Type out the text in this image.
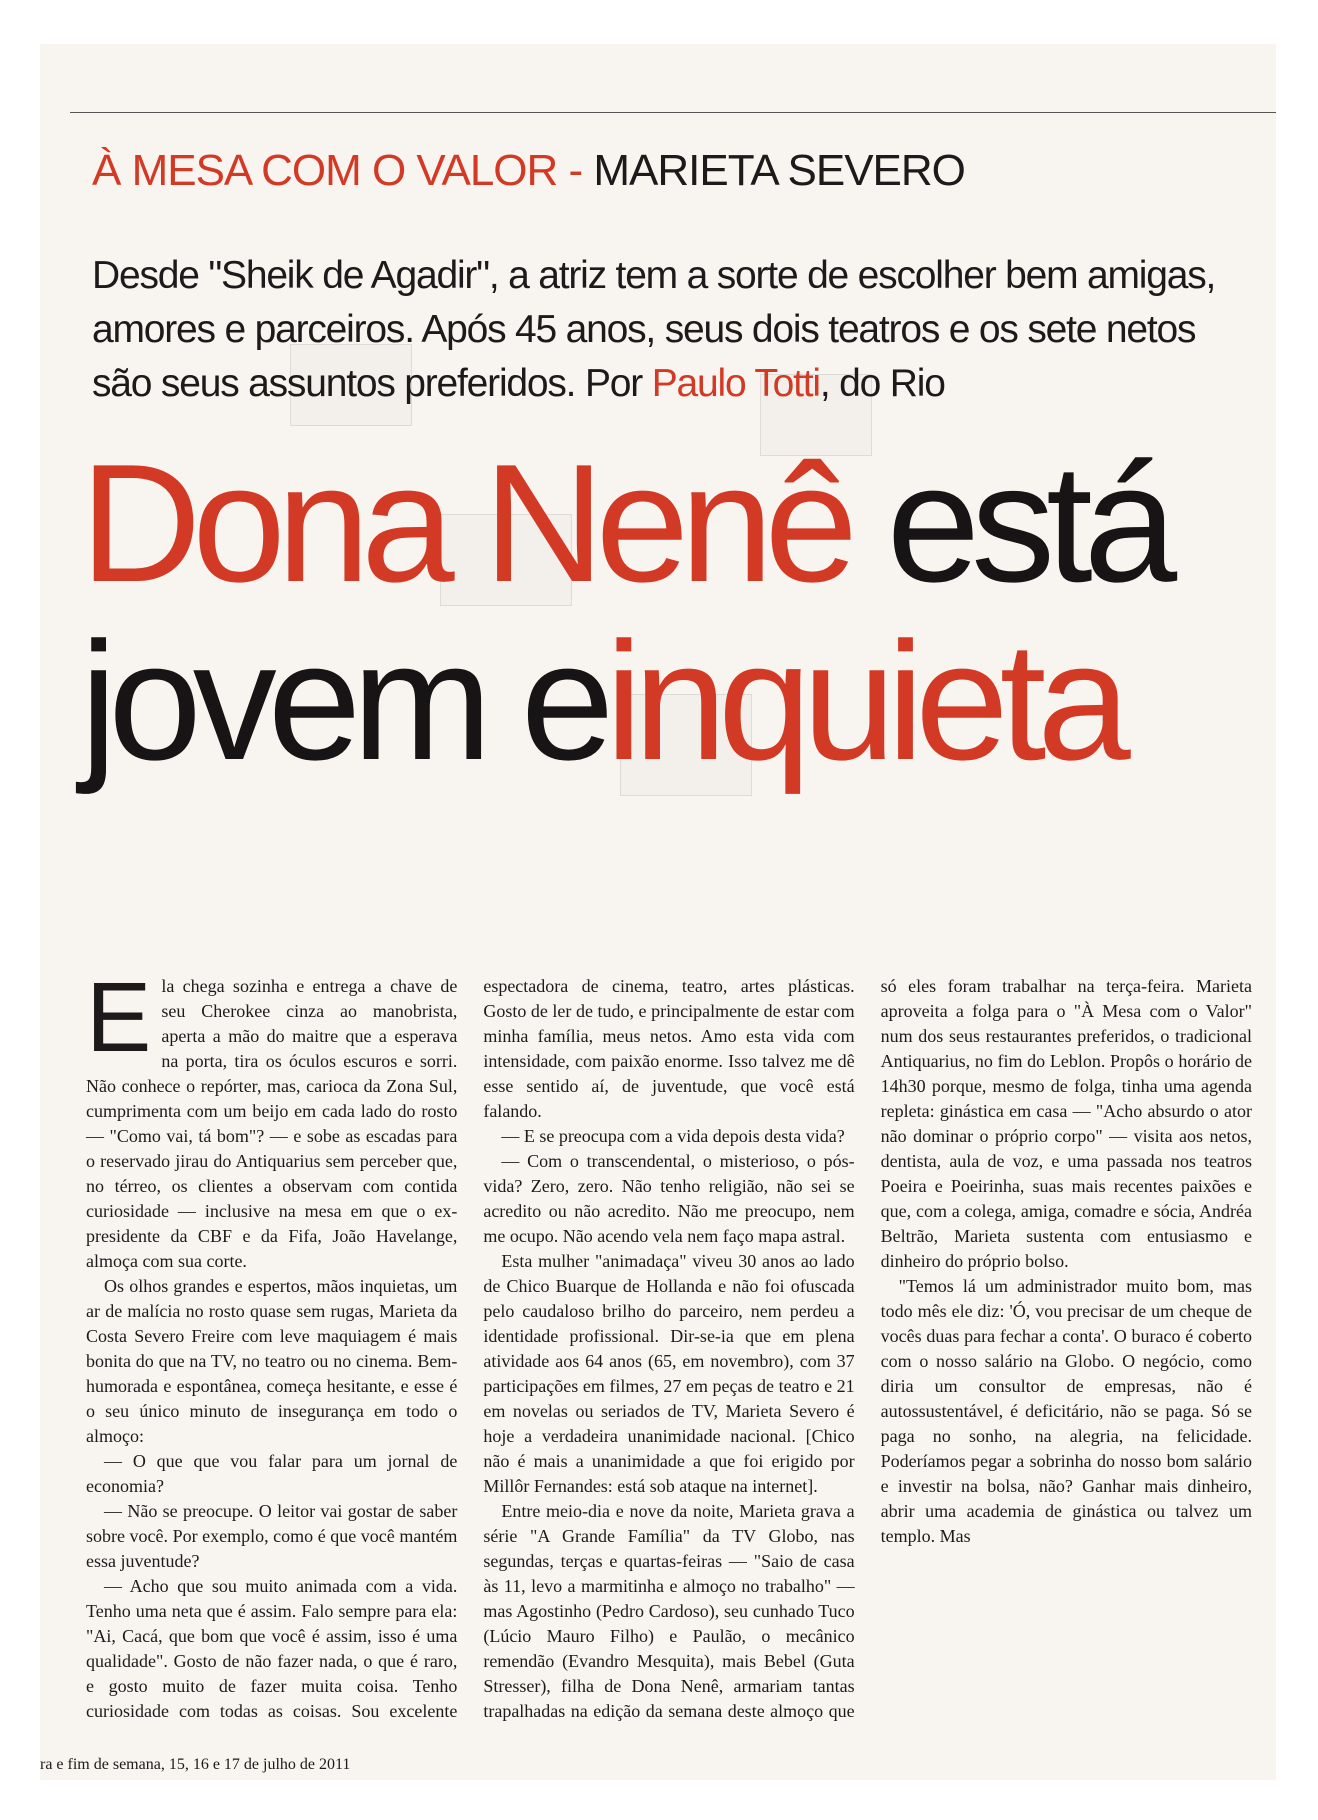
À MESA COM O VALOR - MARIETA SEVERO
Desde "Sheik de Agadir", a atriz tem a sorte de escolher bem amigas, amores e parceiros. Após 45 anos, seus dois teatros e os sete netos são seus assuntos preferidos. Por Paulo Totti, do Rio
Dona Nenê está
jovem einquieta

Ela chega sozinha e entrega a chave de seu Cherokee cinza ao manobrista, aperta a mão do maitre que a esperava na porta, tira os óculos escuros e sorri. Não conhece o repórter, mas, carioca da Zona Sul, cumprimenta com um beijo em cada lado do rosto — "Como vai, tá bom"? — e sobe as escadas para o reservado jirau do Antiquarius sem perceber que, no térreo, os clientes a observam com contida curiosidade — inclusive na mesa em que o ex-presidente da CBF e da Fifa, João Havelange, almoça com sua corte.

Os olhos grandes e espertos, mãos inquietas, um ar de malícia no rosto quase sem rugas, Marieta da Costa Severo Freire com leve maquiagem é mais bonita do que na TV, no teatro ou no cinema. Bem-humorada e espontânea, começa hesitante, e esse é o seu único minuto de insegurança em todo o almoço:

— O que que vou falar para um jornal de economia?

— Não se preocupe. O leitor vai gostar de saber sobre você. Por exemplo, como é que você mantém essa juventude?

— Acho que sou muito animada com a vida. Tenho uma neta que é assim. Falo sempre para ela: "Ai, Cacá, que bom que você é assim, isso é uma qualidade". Gosto de não fazer nada, o que é raro, e gosto muito de fazer muita coisa. Tenho curiosidade com todas as coisas. Sou excelente espectadora de cinema, teatro, artes plásticas. Gosto de ler de tudo, e principalmente de estar com minha família, meus netos. Amo esta vida com intensidade, com paixão enorme. Isso talvez me dê esse sentido aí, de juventude, que você está falando.

— E se preocupa com a vida depois desta vida?

— Com o transcendental, o misterioso, o pós-vida? Zero, zero. Não tenho religião, não sei se acredito ou não acredito. Não me preocupo, nem me ocupo. Não acendo vela nem faço mapa astral.

Esta mulher "animadaça" viveu 30 anos ao lado de Chico Buarque de Hollanda e não foi ofuscada pelo caudaloso brilho do parceiro, nem perdeu a identidade profissional. Dir-se-ia que em plena atividade aos 64 anos (65, em novembro), com 37 participações em filmes, 27 em peças de teatro e 21 em novelas ou seriados de TV, Marieta Severo é hoje a verdadeira unanimidade nacional. [Chico não é mais a unanimidade a que foi erigido por Millôr Fernandes: está sob ataque na internet].

Entre meio-dia e nove da noite, Marieta grava a série "A Grande Família" da TV Globo, nas segundas, terças e quartas-feiras — "Saio de casa às 11, levo a marmitinha e almoço no trabalho" — mas Agostinho (Pedro Cardoso), seu cunhado Tuco (Lúcio Mauro Filho) e Paulão, o mecânico remendão (Evandro Mesquita), mais Bebel (Guta Stresser), filha de Dona Nenê, armariam tantas trapalhadas na edição da semana deste almoço que só eles foram trabalhar na terça-feira. Marieta aproveita a folga para o "À Mesa com o Valor" num dos seus restaurantes preferidos, o tradicional Antiquarius, no fim do Leblon. Propôs o horário de 14h30 porque, mesmo de folga, tinha uma agenda repleta: ginástica em casa — "Acho absurdo o ator não dominar o próprio corpo" — visita aos netos, dentista, aula de voz, e uma passada nos teatros Poeira e Poeirinha, suas mais recentes paixões e que, com a colega, amiga, comadre e sócia, Andréa Beltrão, Marieta sustenta com entusiasmo e dinheiro do próprio bolso.

"Temos lá um administrador muito bom, mas todo mês ele diz: 'Ó, vou precisar de um cheque de vocês duas para fechar a conta'. O buraco é coberto com o nosso salário na Globo. O negócio, como diria um consultor de empresas, não é autossustentável, é deficitário, não se paga. Só se paga no sonho, na alegria, na felicidade. Poderíamos pegar a sobrinha do nosso bom salário e investir na bolsa, não? Ganhar mais dinheiro, abrir uma academia de ginástica ou talvez um templo. Mas

ra e fim de semana, 15, 16 e 17 de julho de 2011
